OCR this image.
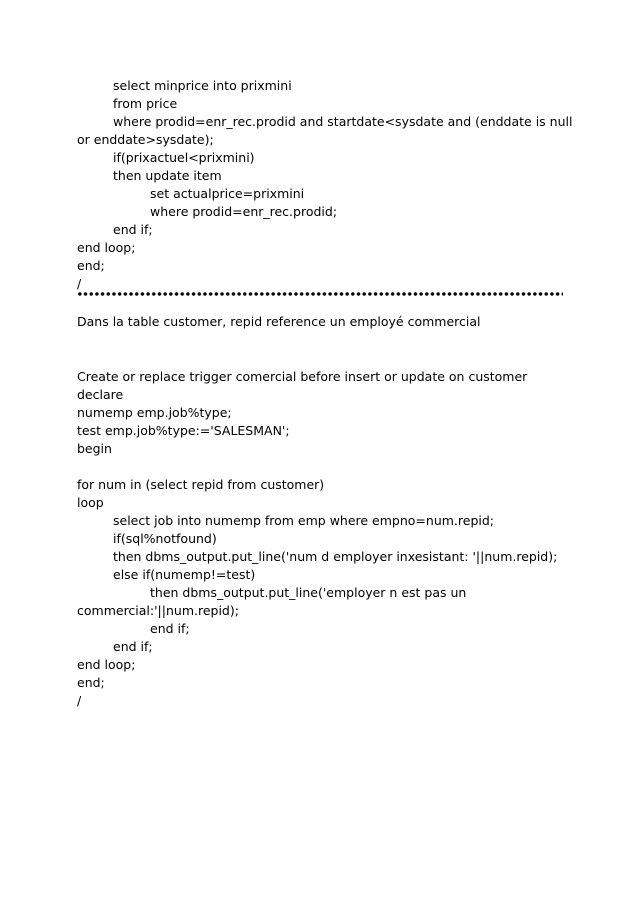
select minprice into prixmini
from price
where prodid=enr_rec.prodid and startdate<sysdate and (enddate is null
or enddate>sysdate);
if(prixactuel<prixmini)
then update item
set actualprice=prixmini
where prodid=enr_rec.prodid;
end if;
end loop;
end;
/
Dans la table customer, repid reference un employé commercial
Create or replace trigger comercial before insert or update on customer
declare
numemp emp.job%type;
test emp.job%type:='SALESMAN';
begin
for num in (select repid from customer)
loop
select job into numemp from emp where empno=num.repid;
if(sql%notfound)
then dbms_output.put_line('num d employer inxesistant: '||num.repid);
else if(numemp!=test)
then dbms_output.put_line('employer n est pas un
commercial:'||num.repid);
end if;
end if;
end loop;
end;
/
